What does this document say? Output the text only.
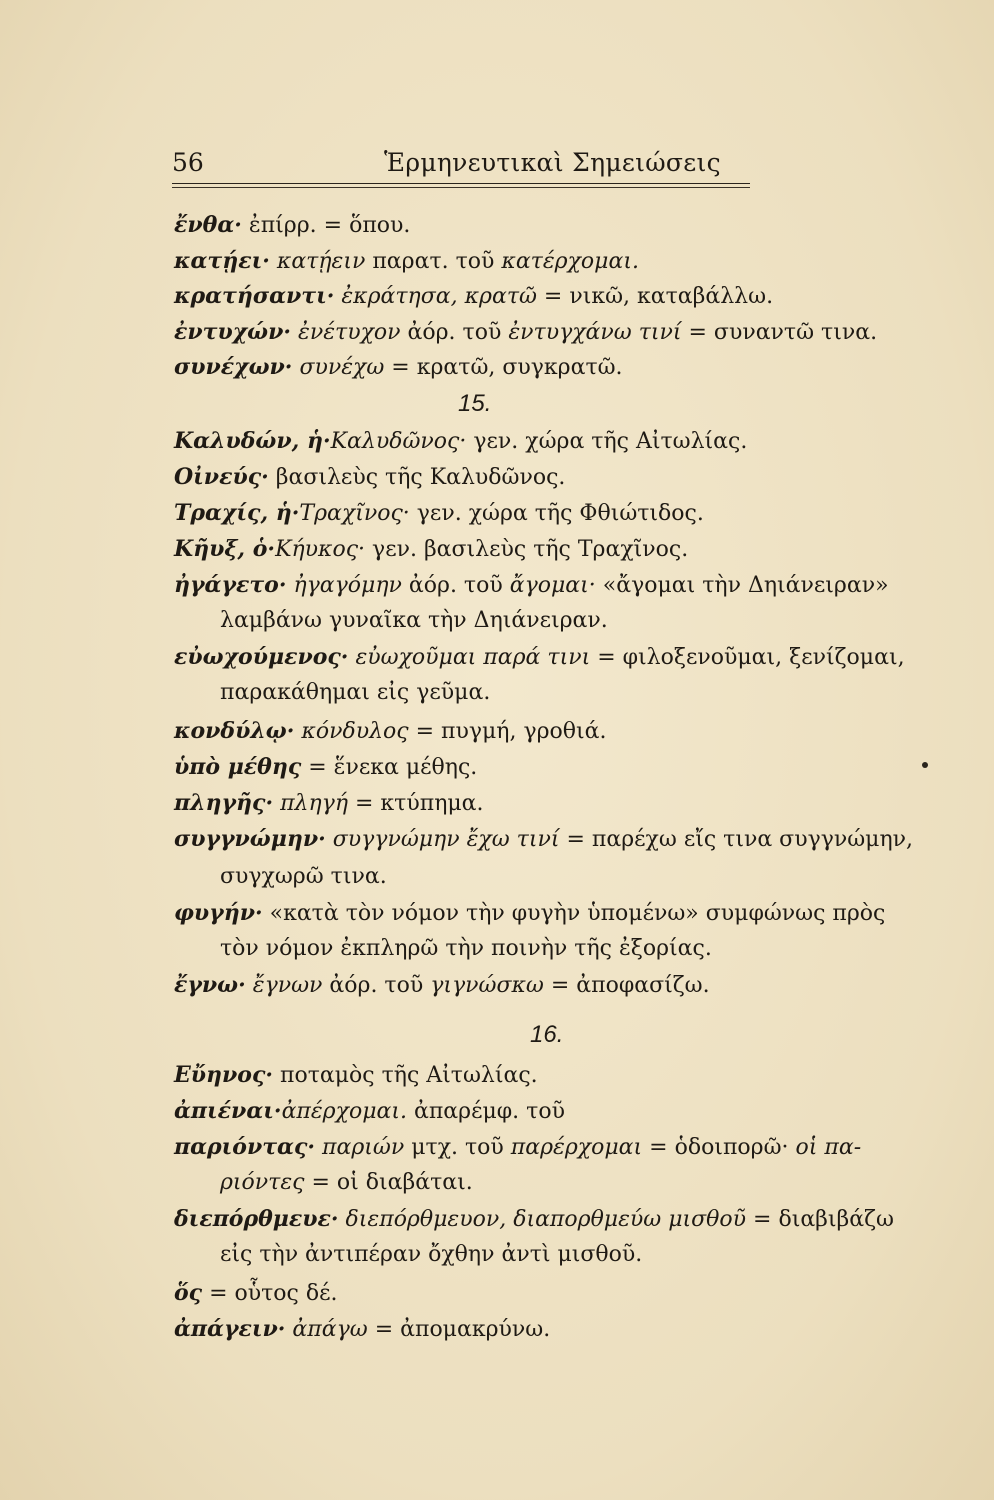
56	Ἑρμηνευτικαὶ Σημειώσεις
ἔνθα· ἐπίρρ. = ὅπου.
κατῄει· κατῄειν παρατ. τοῦ κατέρχομαι.
κρατήσαντι· ἐκράτησα, κρατῶ = νικῶ, καταβάλλω.
ἐντυχών· ἐνέτυχον ἀόρ. τοῦ ἐντυγχάνω τινί = συναντῶ τινα.
συνέχων· συνέχω = κρατῶ, συγκρατῶ.
15.
Καλυδών, ἡ·Καλυδῶνος· γεν. χώρα τῆς Αἰτωλίας.
Οἰνεύς· βασιλεὺς τῆς Καλυδῶνος.
Τραχίς, ἡ·Τραχῖνος· γεν. χώρα τῆς Φθιώτιδος.
Κῆυξ, ὁ·Κήυκος· γεν. βασιλεὺς τῆς Τραχῖνος.
ἠγάγετο· ἠγαγόμην ἀόρ. τοῦ ἄγομαι· «ἄγομαι τὴν Δηιάνειραν»
λαμβάνω γυναῖκα τὴν Δηιάνειραν.
εὐωχούμενος· εὐωχοῦμαι παρά τινι = φιλοξενοῦμαι, ξενίζομαι,
παρακάθημαι εἰς γεῦμα.
κονδύλῳ· κόνδυλος = πυγμή, γροθιά.
ὑπὸ μέθης = ἕνεκα μέθης.
πληγῆς· πληγή = κτύπημα.
συγγνώμην· συγγνώμην ἔχω τινί = παρέχω εἴς τινα συγγνώμην,
συγχωρῶ τινα.
φυγήν· «κατὰ τὸν νόμον τὴν φυγὴν ὑπομένω» συμφώνως πρὸς
τὸν νόμον ἐκπληρῶ τὴν ποινὴν τῆς ἐξορίας.
ἔγνω· ἔγνων ἀόρ. τοῦ γιγνώσκω = ἀποφασίζω.
16.
Εὔηνος· ποταμὸς τῆς Αἰτωλίας.
ἀπιέναι·ἀπέρχομαι. ἀπαρέμφ. τοῦ
παριόντας· παριών μτχ. τοῦ παρέρχομαι = ὁδοιπορῶ· οἱ πα-
ριόντες = οἱ διαβάται.
διεπόρθμευε· διεπόρθμευον, διαπορθμεύω μισθοῦ = διαβιβάζω
εἰς τὴν ἀντιπέραν ὄχθην ἀντὶ μισθοῦ.
ὅς = οὗτος δέ.
ἀπάγειν· ἀπάγω = ἀπομακρύνω.
